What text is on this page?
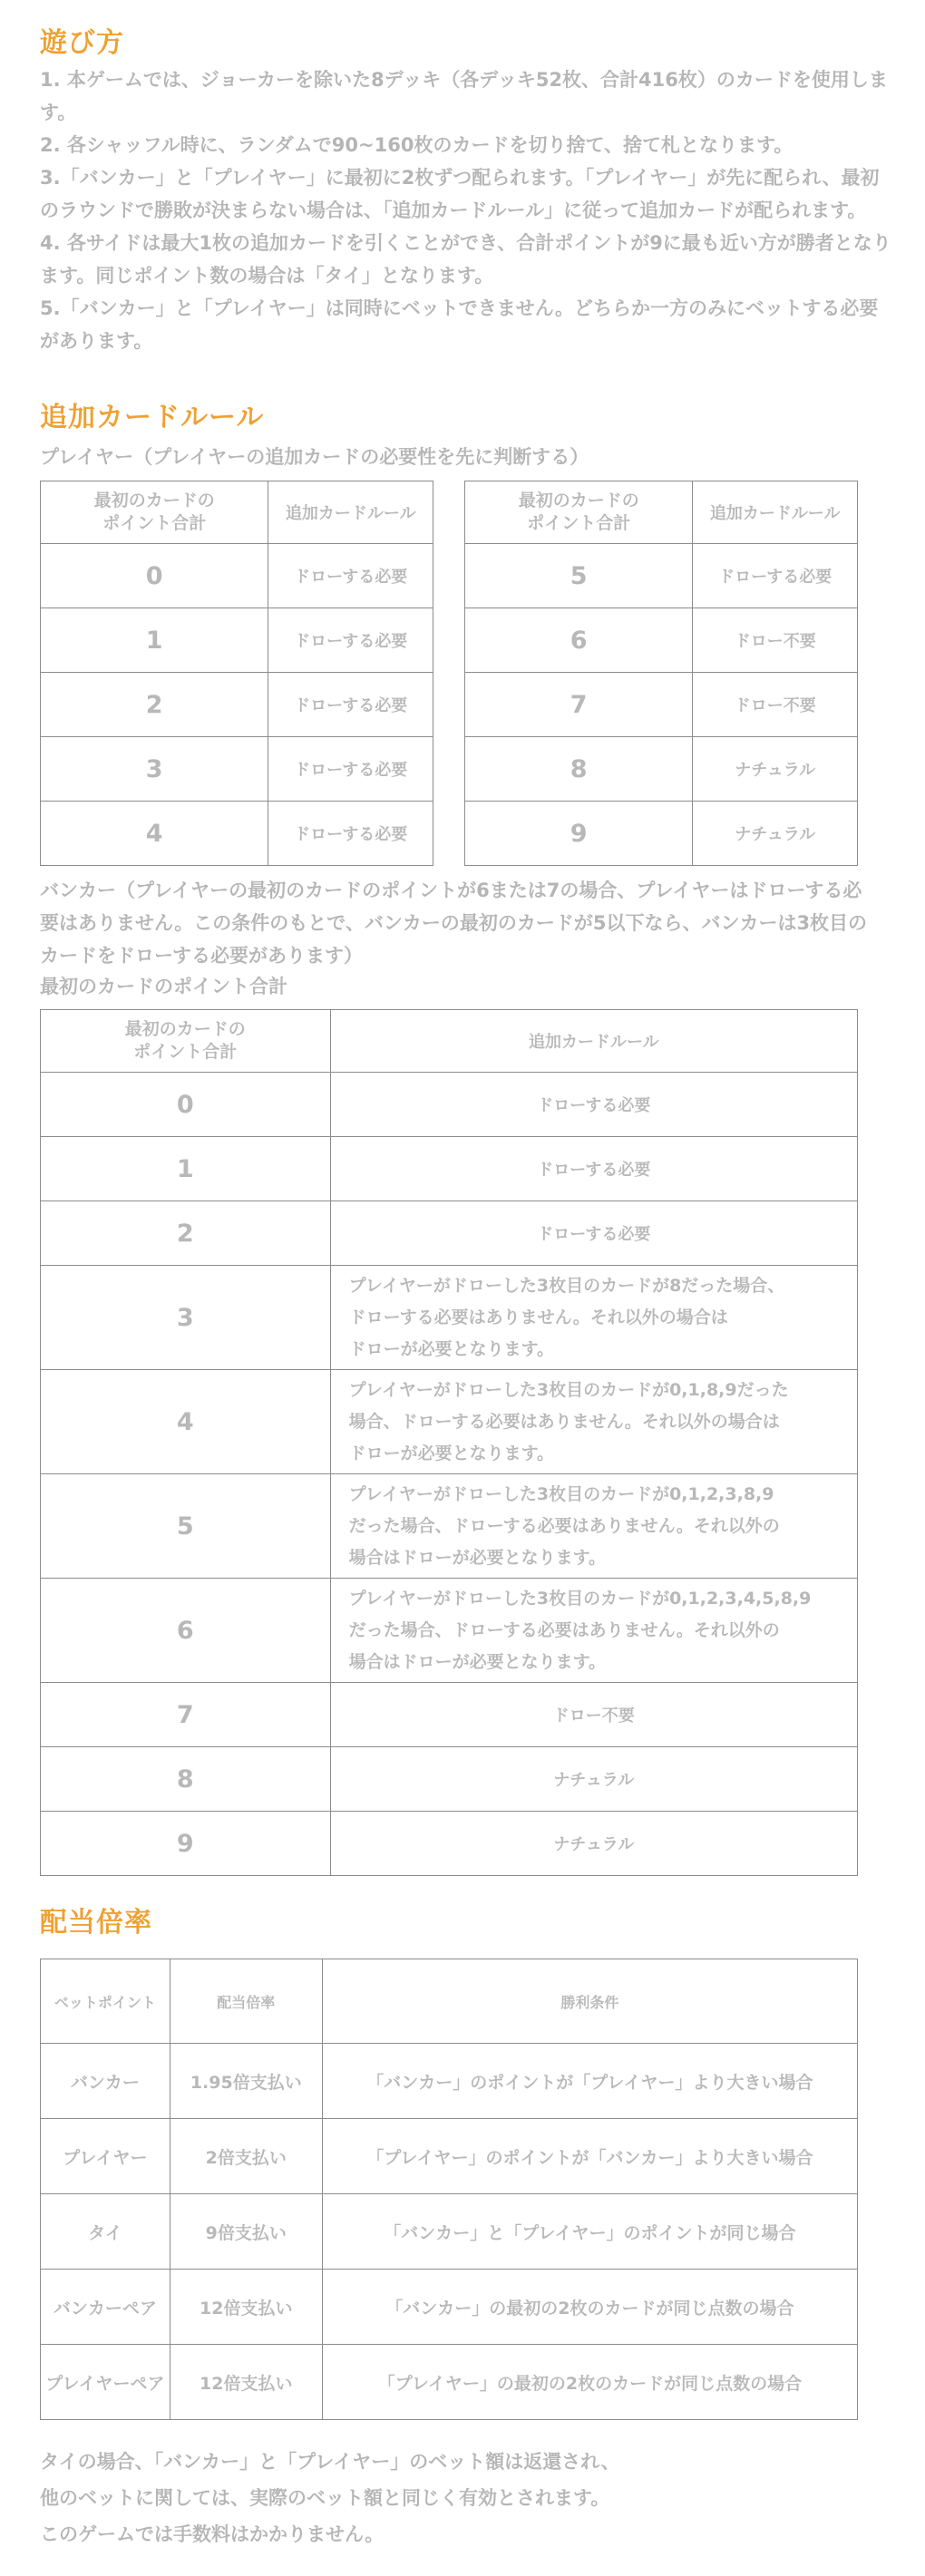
遊び方

1. 本ゲームでは、ジョーカーを除いた8デッキ（各デッキ52枚、合計416枚）のカードを使用します。

2. 各シャッフル時に、ランダムで90~160枚のカードを切り捨て、捨て札となります。

3.「バンカー」と「プレイヤー」に最初に2枚ずつ配られます。「プレイヤー」が先に配られ、最初のラウンドで勝敗が決まらない場合は、「追加カードルール」に従って追加カードが配られます。

4. 各サイドは最大1枚の追加カードを引くことができ、合計ポイントが9に最も近い方が勝者となります。同じポイント数の場合は「タイ」となります。

5.「バンカー」と「プレイヤー」は同時にベットできません。どちらか一方のみにベットする必要があります。

追加カードルール
プレイヤー（プレイヤーの追加カードの必要性を先に判断する）
最初のカードの
ポイント合計	追加カードルール
0	ドローする必要
1	ドローする必要
2	ドローする必要
3	ドローする必要
4	ドローする必要
最初のカードの
ポイント合計	追加カードルール
5	ドローする必要
6	ドロー不要
7	ドロー不要
8	ナチュラル
9	ナチュラル
バンカー（プレイヤーの最初のカードのポイントが6または7の場合、プレイヤーはドローする必要はありません。この条件のもとで、バンカーの最初のカードが5以下なら、バンカーは3枚目のカードをドローする必要があります）
最初のカードのポイント合計
最初のカードの
ポイント合計	追加カードルール
0	ドローする必要
1	ドローする必要
2	ドローする必要
3	プレイヤーがドローした3枚目のカードが8だった場合、
ドローする必要はありません。それ以外の場合は
ドローが必要となります。
4	プレイヤーがドローした3枚目のカードが0,1,8,9だった
場合、ドローする必要はありません。それ以外の場合は
ドローが必要となります。
5	プレイヤーがドローした3枚目のカードが0,1,2,3,8,9
だった場合、ドローする必要はありません。それ以外の
場合はドローが必要となります。
6	プレイヤーがドローした3枚目のカードが0,1,2,3,4,5,8,9
だった場合、ドローする必要はありません。それ以外の
場合はドローが必要となります。
7	ドロー不要
8	ナチュラル
9	ナチュラル
配当倍率
ベットポイント	配当倍率	勝利条件
バンカー	1.95倍支払い	「バンカー」のポイントが「プレイヤー」より大きい場合
プレイヤー	2倍支払い	「プレイヤー」のポイントが「バンカー」より大きい場合
タイ	9倍支払い	「バンカー」と「プレイヤー」のポイントが同じ場合
バンカーペア	12倍支払い	「バンカー」の最初の2枚のカードが同じ点数の場合
プレイヤーペア	12倍支払い	「プレイヤー」の最初の2枚のカードが同じ点数の場合

タイの場合、「バンカー」と「プレイヤー」のベット額は返還され、

他のベットに関しては、実際のベット額と同じく有効とされます。

このゲームでは手数料はかかりません。
